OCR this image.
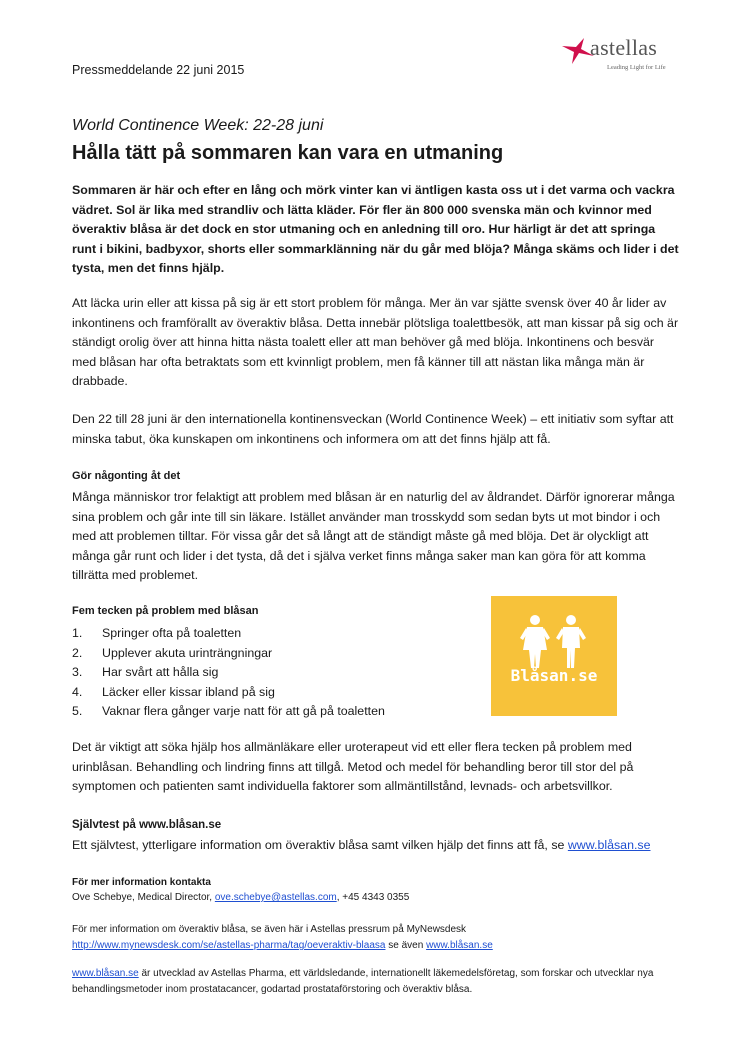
Pressmeddelande 22 juni 2015
astellas
Leading Light for Life
World Continence Week: 22-28 juni
Hålla tätt på sommaren kan vara en utmaning
Sommaren är här och efter en lång och mörk vinter kan vi äntligen kasta oss ut i det varma och vackra vädret. Sol är lika med strandliv och lätta kläder. För fler än 800 000 svenska män och kvinnor med överaktiv blåsa är det dock en stor utmaning och en anledning till oro. Hur härligt är det att springa runt i bikini, badbyxor, shorts eller sommarklänning när du går med blöja? Många skäms och lider i det tysta, men det finns hjälp.
Att läcka urin eller att kissa på sig är ett stort problem för många. Mer än var sjätte svensk över 40 år lider av inkontinens och framförallt av överaktiv blåsa. Detta innebär plötsliga toalettbesök, att man kissar på sig och är ständigt orolig över att hinna hitta nästa toalett eller att man behöver gå med blöja. Inkontinens och besvär med blåsan har ofta betraktats som ett kvinnligt problem, men få känner till att nästan lika många män är drabbade.
Den 22 till 28 juni är den internationella kontinensveckan (World Continence Week) – ett initiativ som syftar att minska tabut, öka kunskapen om inkontinens och informera om att det finns hjälp att få.
Gör någonting åt det
Många människor tror felaktigt att problem med blåsan är en naturlig del av åldrandet. Därför ignorerar många sina problem och går inte till sin läkare. Istället använder man trosskydd som sedan byts ut mot bindor i och med att problemen tilltar. För vissa går det så långt att de ständigt måste gå med blöja. Det är olyckligt att många går runt och lider i det tysta, då det i själva verket finns många saker man kan göra för att komma tillrätta med problemet.
Fem tecken på problem med blåsan
1.	Springer ofta på toaletten
2.	Upplever akuta urinträngningar
3.	Har svårt att hålla sig
4.	Läcker eller kissar ibland på sig
5.	Vaknar flera gånger varje natt för att gå på toaletten
Blåsan.se
Det är viktigt att söka hjälp hos allmänläkare eller uroterapeut vid ett eller flera tecken på problem med urinblåsan. Behandling och lindring finns att tillgå. Metod och medel för behandling beror till stor del på symptomen och patienten samt individuella faktorer som allmäntillstånd, levnads- och arbetsvillkor.
Självtest på www.blåsan.se
Ett självtest, ytterligare information om överaktiv blåsa samt vilken hjälp det finns att få, se www.blåsan.se
För mer information kontakta
Ove Schebye, Medical Director, ove.schebye@astellas.com, +45 4343 0355
För mer information om överaktiv blåsa, se även här i Astellas pressrum på MyNewsdesk
http://www.mynewsdesk.com/se/astellas-pharma/tag/oeveraktiv-blaasa se även www.blåsan.se
www.blåsan.se är utvecklad av Astellas Pharma, ett världsledande, internationellt läkemedelsföretag, som forskar och utvecklar nya behandlingsmetoder inom prostatacancer, godartad prostataförstoring och överaktiv blåsa.
